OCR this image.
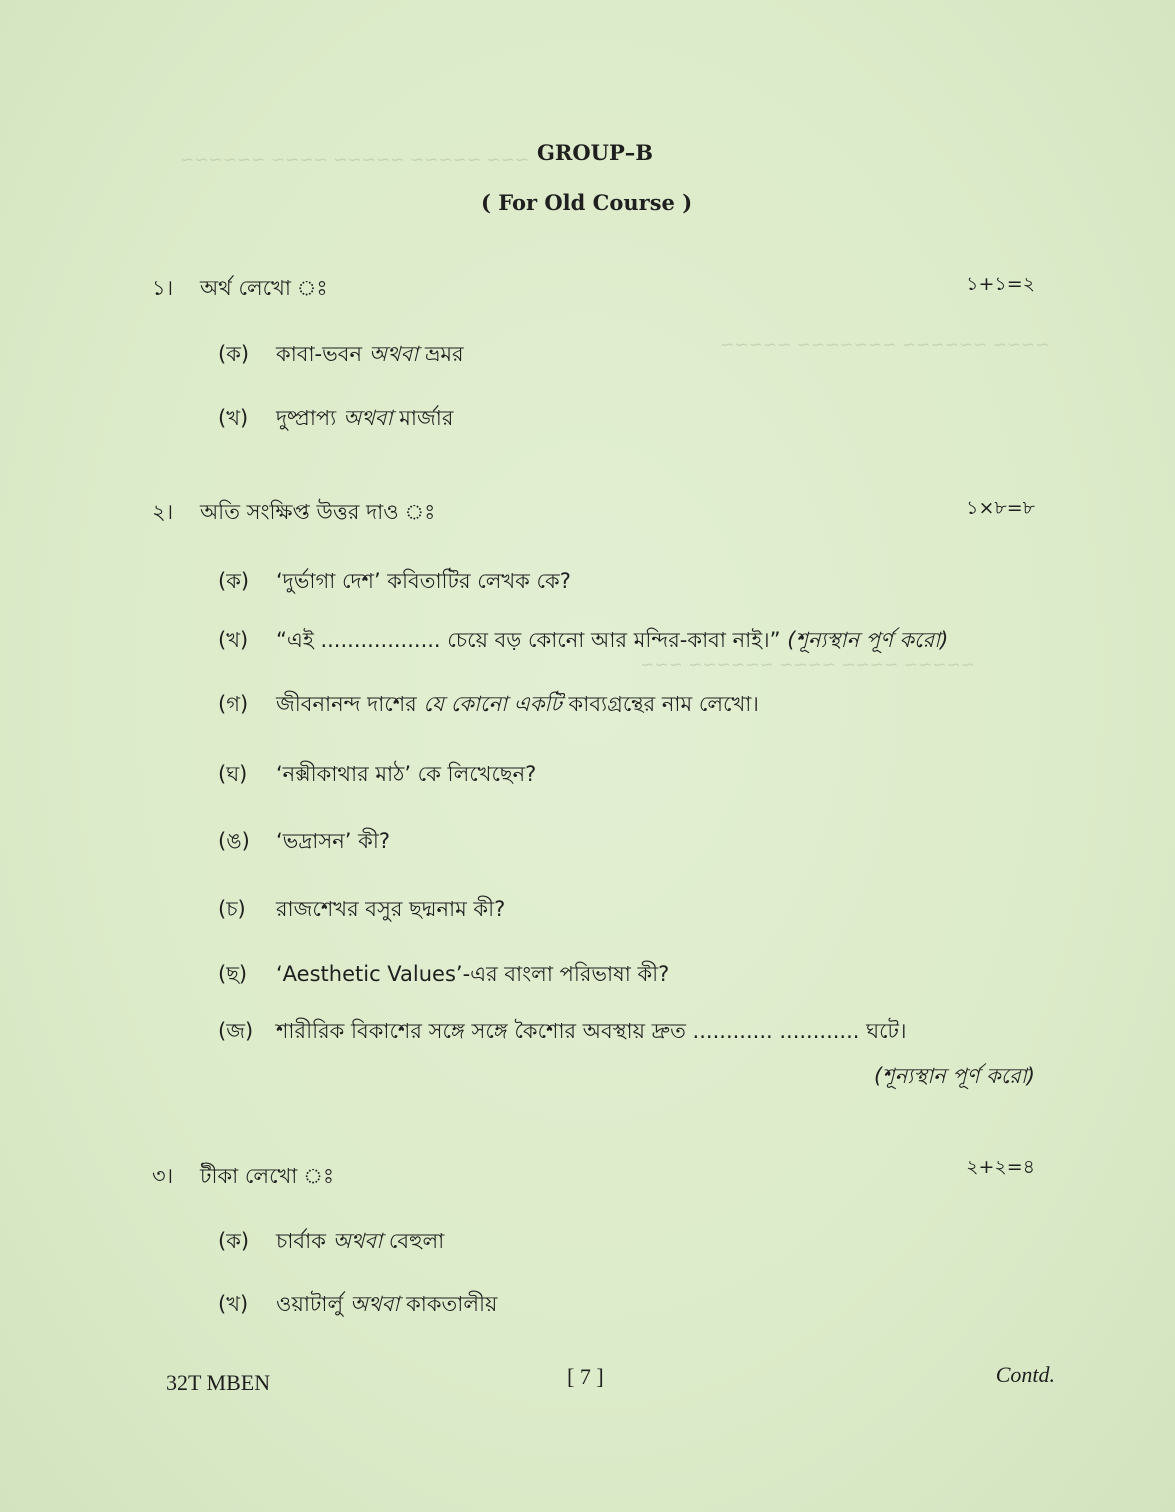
~~~ ~~~~~ ~~~~~ ~~~~ ~~~~~~
~~~~ ~~~~~~ ~~~~~~~ ~~~~~
~~~~~ ~~~~ ~~~~ ~~~~~~ ~~~
GROUP–B
( For Old Course )
১। অর্থ লেখো ঃ	১+১=২
(ক) কাবা-ভবন অথবা ভ্রমর
(খ) দুষ্প্রাপ্য অথবা মার্জার
২। অতি সংক্ষিপ্ত উত্তর দাও ঃ	১×৮=৮
(ক) ‘দুর্ভাগা দেশ’ কবিতাটির লেখক কে?
(খ) “এই .................. চেয়ে বড় কোনো আর মন্দির-কাবা নাই।” (শূন্যস্থান পূর্ণ করো)
(গ) জীবনানন্দ দাশের যে কোনো একটি কাব্যগ্রন্থের নাম লেখো।
(ঘ) ‘নক্সীকাথার মাঠ’ কে লিখেছেন?
(ঙ) ‘ভদ্রাসন’ কী?
(চ) রাজশেখর বসুর ছদ্মনাম কী?
(ছ) ‘Aesthetic Values’-এর বাংলা পরিভাষা কী?
(জ) শারীরিক বিকাশের সঙ্গে সঙ্গে কৈশোর অবস্থায় দ্রুত ............ ............ ঘটে।
(শূন্যস্থান পূর্ণ করো)
৩। টীকা লেখো ঃ	২+২=৪
(ক) চার্বাক অথবা বেহুলা
(খ) ওয়াটার্লু অথবা কাকতালীয়
32T MBEN	[ 7 ]	Contd.
